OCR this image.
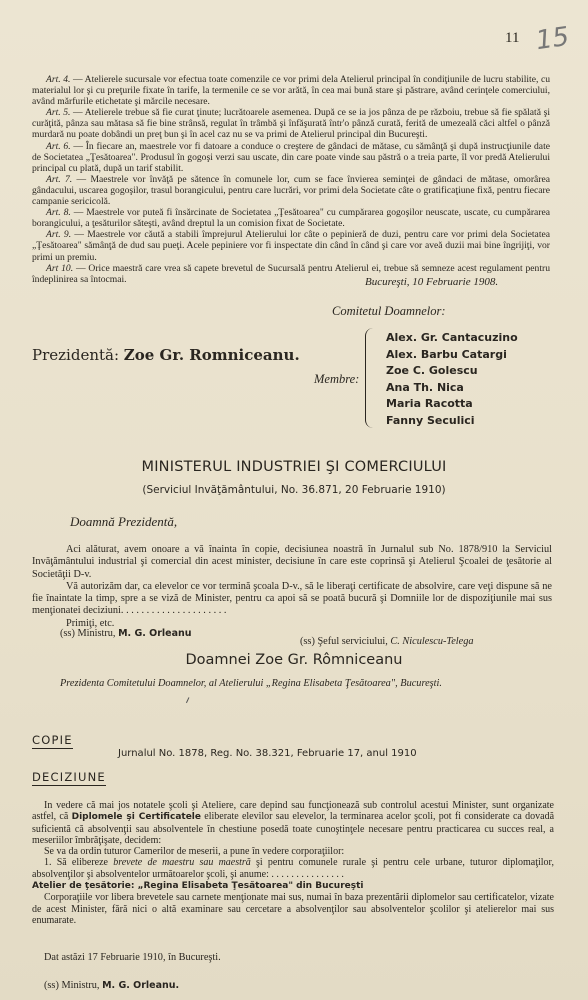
11 15

Art. 4. — Atelierele sucursale vor efectua toate comenzile ce vor primi dela Atelierul principal în condiţiunile de lucru stabilite, cu materialul lor şi cu preţurile fixate în tarife, la termenile ce se vor arătă, în cea mai bună stare şi păstrare, având cerinţele comerciului, având mărfurile etichetate şi mărcile necesare.

Art. 5. — Atelierele trebue să fie curat ţinute; lucrătoarele asemenea. După ce se ia jos pânza de pe războiu, trebue să fie spălată şi curăţită, pânza sau mătasa să fie bine strânsă, regulat în trâmbă şi înfăşurată într'o pânză curată, ferită de umezeală căci altfel o pânză murdară nu poate dobândi un preţ bun şi în acel caz nu se va primi de Atelierul principal din Bucureşti.

Art. 6. — În fiecare an, maestrele vor fi datoare a conduce o creştere de gândaci de mătase, cu sămânţă şi după instrucţiunile date de Societatea „Ţesătoarea". Produsul în gogoşi verzi sau uscate, din care poate vinde sau păstră o a treia parte, îl vor predă Atelierului principal cu plată, după un tarif stabilit.

Art. 7. — Maestrele vor învăţă pe sătence în comunele lor, cum se face învierea seminţei de gândaci de mătase, omorârea gândacului, uscarea gogoşilor, trasul borangicului, pentru care lucrări, vor primi dela Societate câte o gratificaţiune fixă, pentru fiecare campanie sericicolă.

Art. 8. — Maestrele vor puteă fi însărcinate de Societatea „Ţesătoarea" cu cumpărarea gogoşilor neuscate, uscate, cu cumpărarea borangicului, a ţesăturilor săteşti, având dreptul la un comision fixat de Societate.

Art. 9. — Maestrele vor căută a stabili împrejurul Atelierului lor câte o pepinieră de duzi, pentru care vor primi dela Societatea „Ţesătoarea" sămânţă de dud sau pueţi. Acele pepiniere vor fi inspectate din când în când şi care vor aveă duzii mai bine îngrijiţi, vor primi un premiu.

Art 10. — Orice maestră care vrea să capete brevetul de Sucursală pentru Atelierul ei, trebue să semneze acest regulament pentru îndeplinirea sa întocmai.	Bucureşti, 10 Februarie 1908.
Comitetul Doamnelor:
Prezidentă: Zoe Gr. Romniceanu.
Membre:
Alex. Gr. Cantacuzino
Alex. Barbu Catargi
Zoe C. Golescu
Ana Th. Nica
Maria Racotta
Fanny Seculici
MINISTERUL INDUSTRIEI ŞI COMERCIULUI
(Serviciul Invăţământului, No. 36.871, 20 Februarie 1910)
Doamnă Prezidentă,

Aci alăturat, avem onoare a vă înainta în copie, decisiunea noastră în Jurnalul sub No. 1878/910 la Serviciul Invăţământului industrial şi comercial din acest minister, decisiune în care este coprinsă şi Atelierul Şcoalei de ţesătorie al Societăţii D-v.

Vă autorizăm dar, ca elevelor ce vor termină şcoala D-v., să le liberaţi certificate de absolvire, care veţi dispune să ne fie înaintate la timp, spre a se viză de Minister, pentru ca apoi să se poată bucură şi Domniile lor de dispoziţiunile mai sus menţionatei deciziuni. . . . . . . . . . . . . . . . . . . . .

Primiţi, etc.

(ss) Ministru, M. G. Orleanu
(ss) Şeful serviciului, C. Niculescu-Telega
Doamnei Zoe Gr. Rômniceanu
Prezidenta Comitetului Doamnelor, al Atelierului „Regina Elisabeta Ţesătoarea", Bucureşti.
COPIE
Jurnalul No. 1878, Reg. No. 38.321, Februarie 17, anul 1910
DECIZIUNE

In vedere că mai jos notatele şcoli şi Ateliere, care depind sau funcţionează sub controlul acestui Minister, sunt organizate astfel, că Diplomele şi Certificatele eliberate elevilor sau elevelor, la terminarea acelor şcoli, pot fi considerate ca dovadă suficientă că absolvenţii sau absolventele în chestiune posedă toate cunoştinţele necesare pentru practicarea cu succes real, a meseriilor îmbrăţişate, decidem:

Se va da ordin tuturor Camerilor de meserii, a pune în vedere corporaţiilor:

1. Să elibereze brevete de maestru sau maestră şi pentru comunele rurale şi pentru cele urbane, tuturor diplomaţilor, absolvenţilor şi absolventelor următoarelor şcoli, şi anume: . . . . . . . . . . . . . . .

Atelier de ţesătorie: „Regina Elisabeta Ţesătoarea" din Bucureşti

Corporaţiile vor libera brevetele sau carnete menţionate mai sus, numai în baza prezentării diplomelor sau certificatelor, vizate de acest Minister, fără nici o altă examinare sau cercetare a absolvenţilor sau absolventelor şcolilor şi atelierelor mai sus enumarate.

Dat astăzi 17 Februarie 1910, în Bucureşti.
(ss) Ministru, M. G. Orleanu.
